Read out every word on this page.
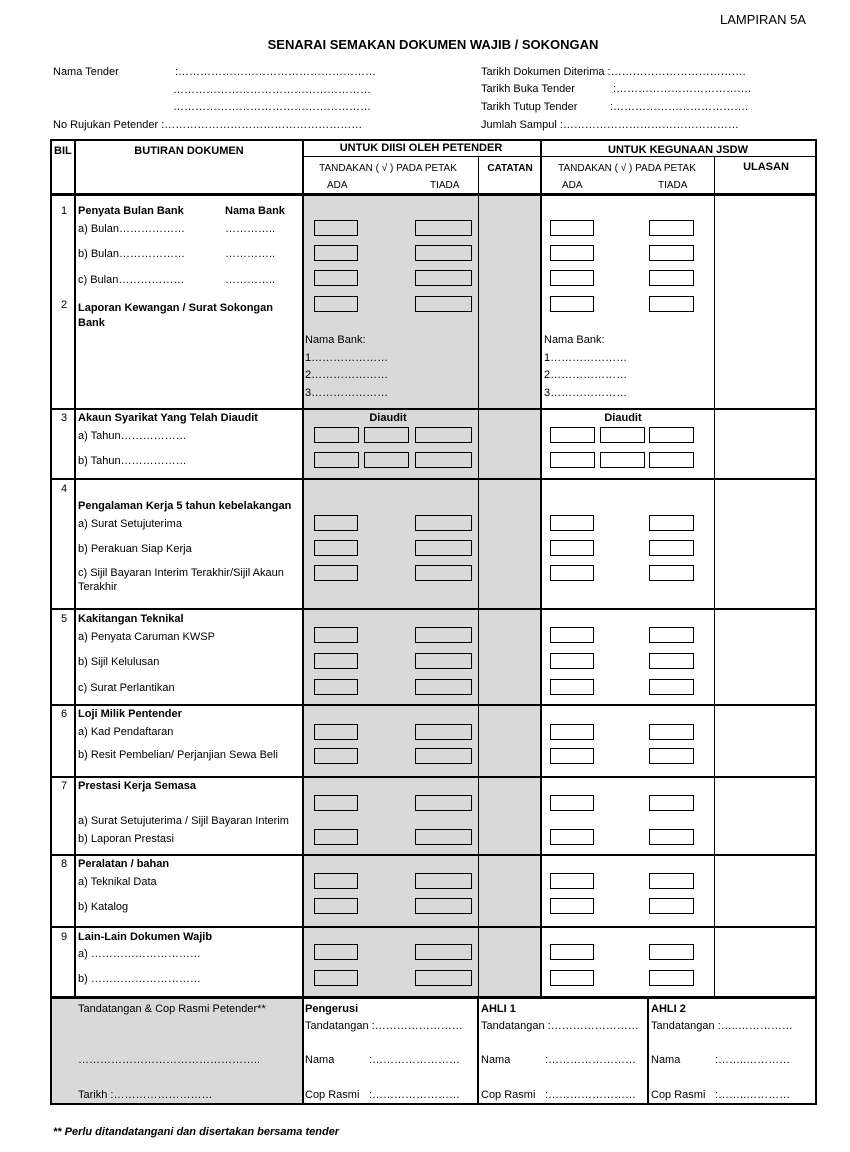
LAMPIRAN 5A
SENARAI SEMAKAN DOKUMEN WAJIB / SOKONGAN
Nama Tender	:………………………………………………
………………………………………………
………………………………………………
No Rujukan Petender :………………………………………………
Tarikh Dokumen Diterima :……………………………….
Tarikh Buka Tender	:……………………………….
Tarikh Tutup Tender	:……………………………….
Jumlah Sampul :…………………………………………
BIL	BUTIRAN DOKUMEN	UNTUK DIISI OLEH PETENDER	UNTUK KEGUNAAN JSDW
TANDAKAN ( √ ) PADA PETAK	CATATAN	TANDAKAN ( √ ) PADA PETAK	ULASAN
ADA	TIADA	ADA	TIADA
1 Penyata Bulan Bank	Nama Bank
a) Bulan………………	…………..
b) Bulan………………	…………..
c) Bulan………………	…………..
2 Laporan Kewangan / Surat Sokongan
Bank
Nama Bank:
1…………………
2…………………
3…………………
Nama Bank:
1…………………
2…………………
3…………………
3 Akaun Syarikat Yang Telah Diaudit	Diaudit	Diaudit
a) Tahun………………
b) Tahun………………
4
Pengalaman Kerja 5 tahun kebelakangan
a) Surat Setujuterima
b) Perakuan Siap Kerja
c) Sijil Bayaran Interim Terakhir/Sijil Akaun
Terakhir
5 Kakitangan Teknikal
a) Penyata Caruman KWSP
b) Sijil Kelulusan
c) Surat Perlantikan
6 Loji Milik Pentender
a) Kad Pendaftaran
b) Resit Pembelian/ Perjanjian Sewa Beli
7 Prestasi Kerja Semasa
a) Surat Setujuterima / Sijil Bayaran Interim
b) Laporan Prestasi
8 Peralatan / bahan
a) Teknikal Data
b) Katalog
9 Lain-Lain Dokumen Wajib
a) …………………………
b) …………………………
Tandatangan & Cop Rasmi Petender**
…………………………………………..
Tarikh :………………………
Pengerusi
Tandatangan :……………………
Nama	:……………………
Cop Rasmi :……………………
AHLI 1
Tandatangan :……………………
Nama	:……………………
Cop Rasmi :……………………
AHLI 2
Tandatangan :…..……………
Nama	:……..…………
Cop Rasmi :……..…………
** Perlu ditandatangani dan disertakan bersama tender
